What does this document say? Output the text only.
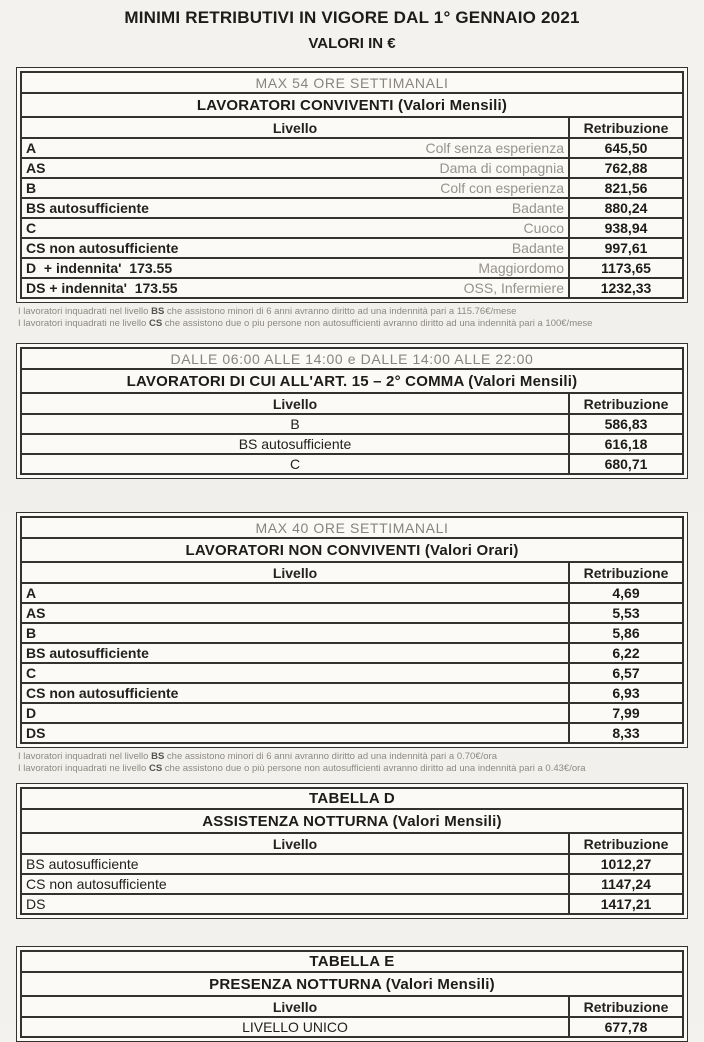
MINIMI RETRIBUTIVI IN VIGORE DAL 1° GENNAIO 2021
VALORI IN €
MAX 54 ORE SETTIMANALI
LAVORATORI CONVIVENTI (Valori Mensili)
Livello	Retribuzione
A	Colf senza esperienza	645,50
AS	Dama di compagnia	762,88
B	Colf con esperienza	821,56
BS autosufficiente	Badante	880,24
C	Cuoco	938,94
CS non autosufficiente	Badante	997,61
D  + indennita'  173.55	Maggiordomo	1173,65
DS + indennita'  173.55	OSS, Infermiere	1232,33
I lavoratori inquadrati nel livello BS che assistono minori di 6 anni avranno diritto ad una indennità pari a 115.76€/mese
I lavoratori inquadrati ne livello CS che assistono due o piu persone non autosufficienti avranno diritto ad una indennità pari a 100€/mese
DALLE 06:00 ALLE 14:00 e DALLE 14:00 ALLE 22:00
LAVORATORI DI CUI ALL'ART. 15 – 2° COMMA (Valori Mensili)
Livello	Retribuzione
B	586,83
BS autosufficiente	616,18
C	680,71
MAX 40 ORE SETTIMANALI
LAVORATORI NON CONVIVENTI (Valori Orari)
Livello	Retribuzione
A	4,69
AS	5,53
B	5,86
BS autosufficiente	6,22
C	6,57
CS non autosufficiente	6,93
D	7,99
DS	8,33
I lavoratori inquadrati nel livello BS che assistono minori di 6 anni avranno diritto ad una indennità pari a 0.70€/ora
I lavoratori inquadrati ne livello CS che assistono due o più persone non autosufficienti avranno diritto ad una indennità pari a 0.43€/ora
TABELLA D
ASSISTENZA NOTTURNA (Valori Mensili)
Livello	Retribuzione
BS autosufficiente	1012,27
CS non autosufficiente	1147,24
DS	1417,21
TABELLA E
PRESENZA NOTTURNA (Valori Mensili)
Livello	Retribuzione
LIVELLO UNICO	677,78
